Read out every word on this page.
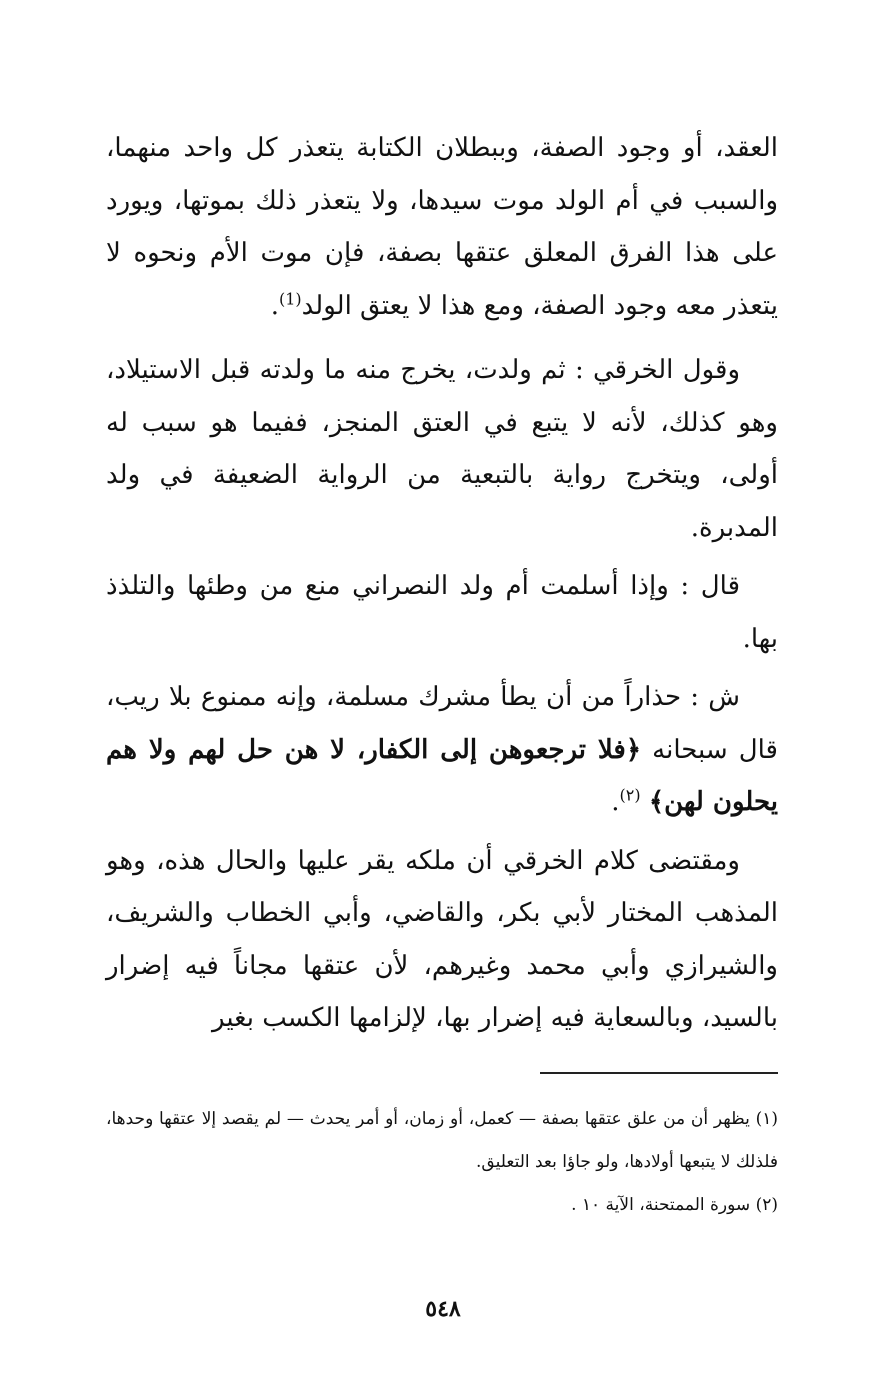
العقد، أو وجود الصفة، وببطلان الكتابة يتعذر كل واحد منهما، والسبب في أم الولد موت سيدها، ولا يتعذر ذلك بموتها، ويورد على هذا الفرق المعلق عتقها بصفة، فإن موت الأم ونحوه لا يتعذر معه وجود الصفة، ومع هذا لا يعتق الولد$^{(1)}$.

وقول الخرقي : ثم ولدت، يخرج منه ما ولدته قبل الاستيلاد، وهو كذلك، لأنه لا يتبع في العتق المنجز، ففيما هو سبب له أولى، ويتخرج رواية بالتبعية من الرواية الضعيفة في ولد المدبرة.

قال : وإذا أسلمت أم ولد النصراني منع من وطئها والتلذذ بها.

ش : حذاراً من أن يطأ مشرك مسلمة، وإنه ممنوع بلا ريب، قال سبحانه ﴿فلا ترجعوهن إلى الكفار، لا هن حل لهم ولا هم يحلون لهن﴾ $^{(٢)}$.

ومقتضى كلام الخرقي أن ملكه يقر عليها والحال هذه، وهو المذهب المختار لأبي بكر، والقاضي، وأبي الخطاب والشريف، والشيرازي وأبي محمد وغيرهم، لأن عتقها مجاناً فيه إضرار بالسيد، وبالسعاية فيه إضرار بها، لإلزامها الكسب بغير

(١) يظهر أن من علق عتقها بصفة — كعمل، أو زمان، أو أمر يحدث — لم يقصد إلا عتقها وحدها، فلذلك لا يتبعها أولادها، ولو جاؤا بعد التعليق.

(٢) سورة الممتحنة، الآية ١٠ .

٥٤٨
